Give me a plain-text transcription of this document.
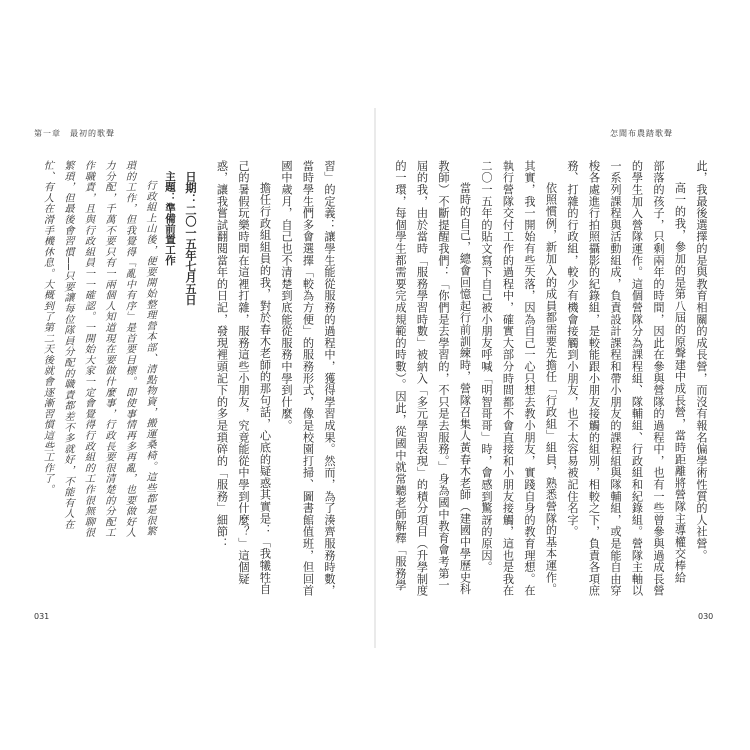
第一章　最初的歌聲

習」的定義：讓學生能從服務的過程中，獲得學習成果。然而，為了湊齊服務時數，

當時學生們多會選擇「較為方便」的服務形式，像是校園打掃、圖書館值班，但回首

國中歲月，自己也不清楚到底能從服務中學到什麼。

擔任行政組組員的我，對於春木老師的那句話，心底的疑惑其實是：「我犧牲自

己的暑假玩樂時間在這裡打雜，服務這些小朋友，究竟能從中學到什麼？」這個疑

惑，讓我嘗試翻閱當年的日記，發現裡頭記下的多是瑣碎的「服務」細節：

日期：二〇一五年七月五日

主題：準備前置工作

行政組上山後，便要開始整理營本部、清點物資，搬運桑椅。這些都是很繁

瑣的工作，但我覺得「亂中有序」是首要目標。即使事情再多再亂，也要做好人

力分配，千萬不要只有一兩個人知道現在要做什麼事，行政長要很清楚的分配工

作職責，且與行政組員一一確認。一開始大家一定會覺得行政組的工作很無聊很

繁瑣，但最後會習慣──只要讓每位隊員分配的職責都差不多就好，不能有人在

忙、有人在滑手機休息。大概到了第二天後就會逐漸習慣這些工作了。

031
怎聞布農踏歌聲

此，我最後選擇的是與教育相關的成長營，而沒有報名偏學術性質的人社營。

高一的我，參加的是第八屆的原聲建中成長營，當時距離將營隊主導權交棒給

部落的孩子，只剩兩年的時間，因此在參與營隊的過程中，也有一些曾參與過成長營

的學生加入營隊運作。這個營隊分為課程組、隊輔組、行政組和紀錄組。營隊主軸以

一系列課程與活動組成，負責設計課程和帶小朋友的課程組與隊輔組，或是能自由穿

梭各處進行拍照攝影的紀錄組，是較能跟小朋友接觸的組別，相較之下，負責各項庶

務、打雜的行政組，較少有機會接觸到小朋友，也不太容易被記住名字。

依照慣例，新加入的成員都需要先擔任「行政組」組員，熟悉營隊的基本運作。

其實，我一開始有些失落，因為自己一心只想去教小朋友，實踐自身的教育理想。在

執行營隊交付工作的過程中，確實大部分時間都不會直接和小朋友接觸，這也是我在

二〇一五年的貼文寫下自己被小朋友呼喊「明智哥哥」時，會感到驚訝的原因。

當時的自己，總會回憶起行前訓練時，營隊召集人黃春木老師（建國中學歷史科

教師）不斷提醒我們：「你們是去學習的，不只是去服務。」身為國中教育會考第一

屆的我，由於當時「服務學習時數」被納入「多元學習表現」的積分項目（升學制度

的一環，每個學生都需要完成規範的時數）。因此，從國中就常聽老師解釋「服務學

030
